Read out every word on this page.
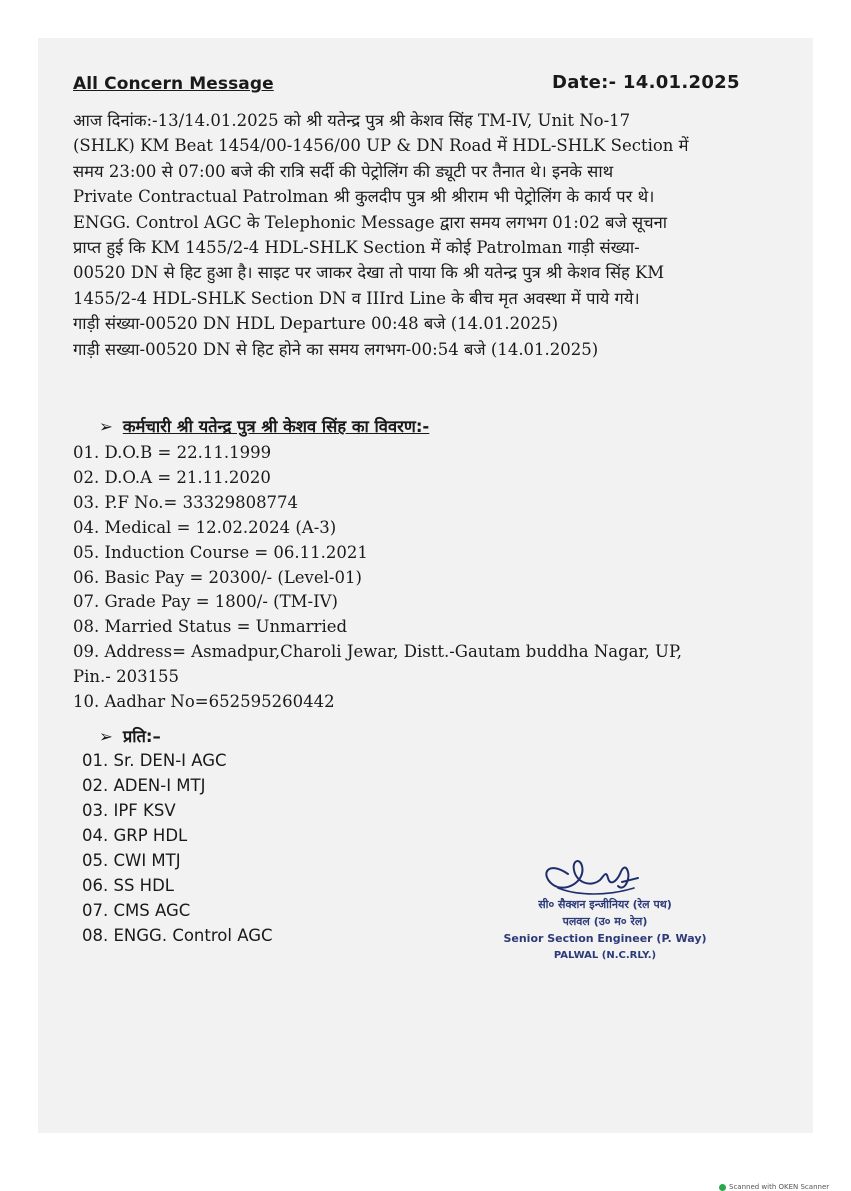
All Concern Message	Date:- 14.01.2025
आज दिनांक:-13/14.01.2025 को श्री यतेन्द्र पुत्र श्री केशव सिंह TM-IV, Unit No-17
(SHLK) KM Beat 1454/00-1456/00 UP & DN Road में HDL-SHLK Section में
समय 23:00 से 07:00 बजे की रात्रि सर्दी की पेट्रोलिंग की ड्यूटी पर तैनात थे। इनके साथ
Private Contractual Patrolman श्री कुलदीप पुत्र श्री श्रीराम भी पेट्रोलिंग के कार्य पर थे।
ENGG. Control AGC के Telephonic Message द्वारा समय लगभग 01:02 बजे सूचना
प्राप्त हुई कि KM 1455/2-4 HDL-SHLK Section में कोई Patrolman गाड़ी संख्या-
00520 DN से हिट हुआ है। साइट पर जाकर देखा तो पाया कि श्री यतेन्द्र पुत्र श्री केशव सिंह KM
1455/2-4 HDL-SHLK Section DN व IIIrd Line के बीच मृत अवस्था में पाये गये।
गाड़ी संख्या-00520 DN HDL Departure 00:48 बजे (14.01.2025)
गाड़ी सख्या-00520 DN से हिट होने का समय लगभग-00:54 बजे (14.01.2025)
➢ कर्मचारी श्री यतेन्द्र पुत्र श्री केशव सिंह का विवरण:-
01. D.O.B = 22.11.1999
02. D.O.A = 21.11.2020
03. P.F No.= 33329808774
04. Medical = 12.02.2024 (A-3)
05. Induction Course = 06.11.2021
06. Basic Pay = 20300/- (Level-01)
07. Grade Pay = 1800/- (TM-IV)
08. Married Status = Unmarried
09. Address= Asmadpur,Charoli Jewar, Distt.-Gautam buddha Nagar, UP,
Pin.- 203155
10. Aadhar No=652595260442
➢ प्रति:–
01. Sr. DEN-I AGC
02. ADEN-I MTJ
03. IPF KSV
04. GRP HDL
05. CWI MTJ
06. SS HDL
07. CMS AGC
08. ENGG. Control AGC
सी० सैक्शन इन्जीनियर (रेल पथ)
पलवल (उ० म० रेल)
Senior Section Engineer (P. Way)
PALWAL (N.C.RLY.)
Scanned with OKEN Scanner
